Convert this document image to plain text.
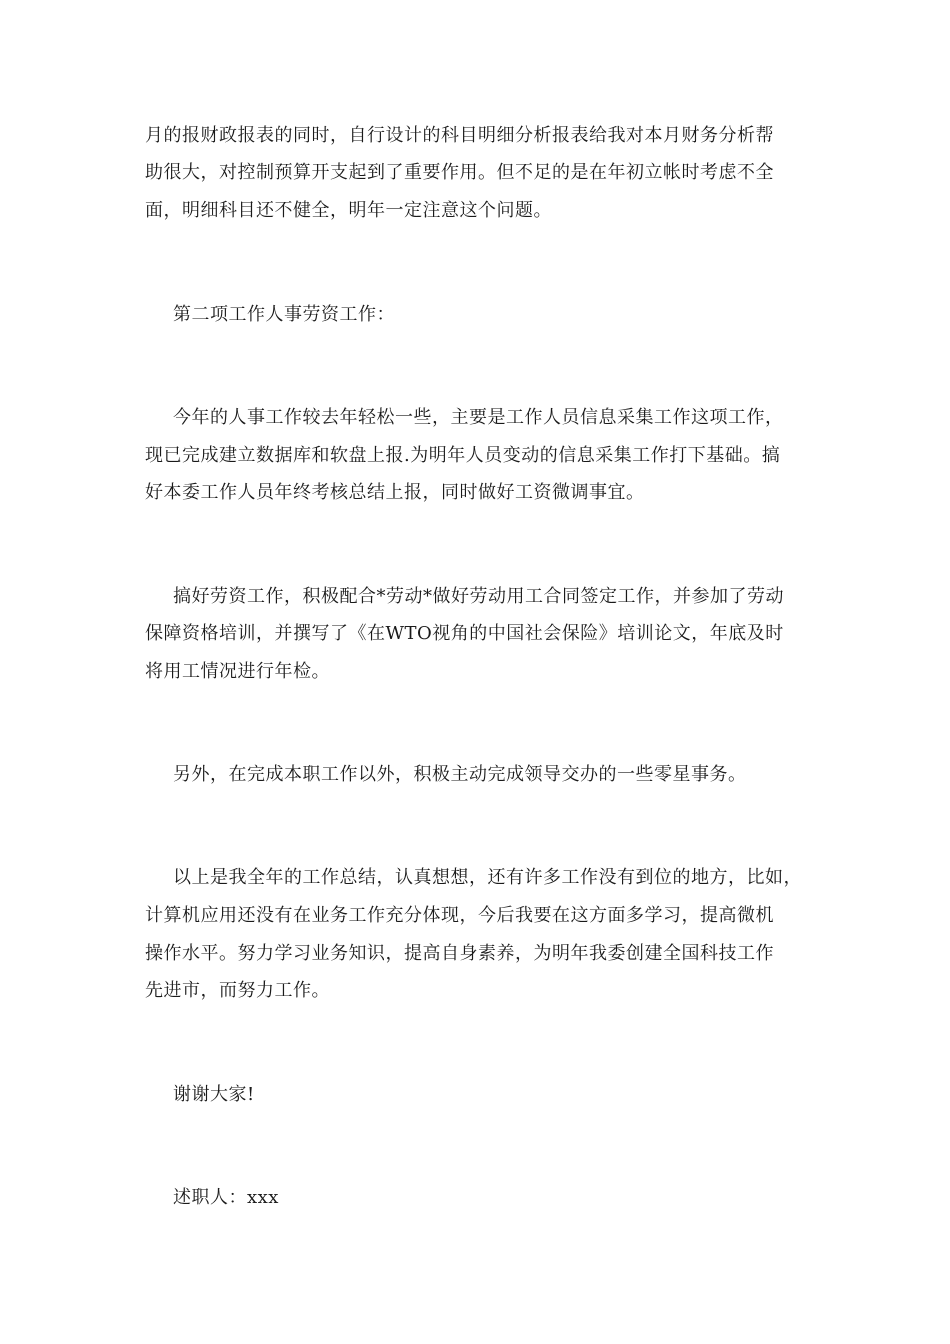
月的报财政报表的同时，自行设计的科目明细分析报表给我对本月财务分析帮
助很大，对控制预算开支起到了重要作用。但不足的是在年初立帐时考虑不全
面，明细科目还不健全，明年一定注意这个问题。
第二项工作人事劳资工作：
今年的人事工作较去年轻松一些，主要是工作人员信息采集工作这项工作，
现已完成建立数据库和软盘上报.为明年人员变动的信息采集工作打下基础。搞
好本委工作人员年终考核总结上报，同时做好工资微调事宜。
搞好劳资工作，积极配合*劳动*做好劳动用工合同签定工作，并参加了劳动
保障资格培训，并撰写了《在WTO视角的中国社会保险》培训论文，年底及时
将用工情况进行年检。
另外，在完成本职工作以外，积极主动完成领导交办的一些零星事务。
以上是我全年的工作总结，认真想想，还有许多工作没有到位的地方，比如，
计算机应用还没有在业务工作充分体现，今后我要在这方面多学习，提高微机
操作水平。努力学习业务知识，提高自身素养，为明年我委创建全国科技工作
先进市，而努力工作。
谢谢大家!
述职人：xxx
